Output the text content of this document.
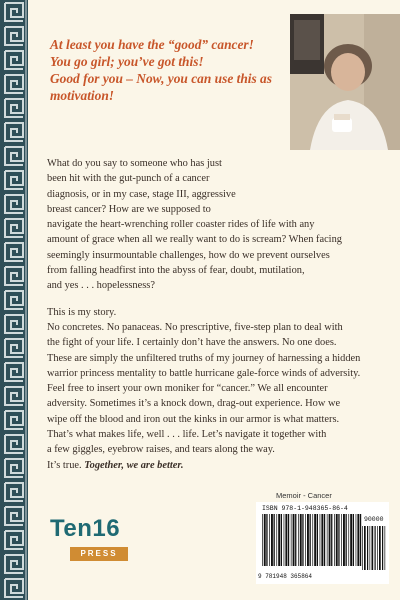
At least you have the “good” cancer!

You go girl; you’ve got this!

Good for you – Now, you can use this as motivation!

What do you say to someone who has just
been hit with the gut-punch of a cancer
diagnosis, or in my case, stage III, aggressive
breast cancer? How are we supposed to
navigate the heart-wrenching roller coaster rides of life with any
amount of grace when all we really want to do is scream? When facing
seemingly insurmountable challenges, how do we prevent ourselves
from falling headfirst into the abyss of fear, doubt, mutilation,
and yes . . . hopelessness?

This is my story.
No concretes. No panaceas. No prescriptive, five-step plan to deal with
the fight of your life. I certainly don’t have the answers. No one does.
These are simply the unfiltered truths of my journey of harnessing a hidden
warrior princess mentality to battle hurricane gale-force winds of adversity.
Feel free to insert your own moniker for “cancer.” We all encounter
adversity. Sometimes it’s a knock down, drag-out experience. How we
wipe off the blood and iron out the kinks in our armor is what matters.
That’s what makes life, well . . . life. Let’s navigate it together with
a few giggles, eyebrow raises, and tears along the way.
It’s true. Together, we are better.

Ten16
PRESS
Memoir - Cancer
ISBN 978-1-948365-86-4
90000
9 781948 365864
